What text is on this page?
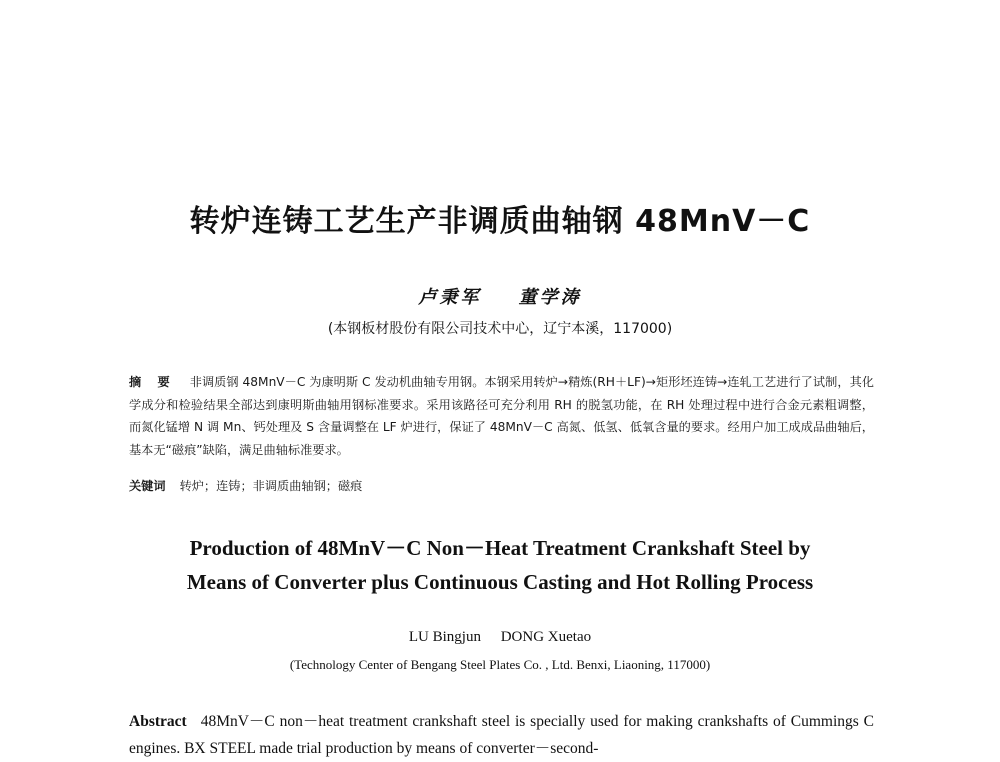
转炉连铸工艺生产非调质曲轴钢 48MnV－C
卢秉军 董学涛
(本钢板材股份有限公司技术中心，辽宁本溪，117000)
摘 要 非调质钢 48MnV－C 为康明斯 C 发动机曲轴专用钢。本钢采用转炉→精炼(RH＋LF)→矩形坯连铸→连轧工艺进行了试制，其化学成分和检验结果全部达到康明斯曲轴用钢标准要求。采用该路径可充分利用 RH 的脱氢功能，在 RH 处理过程中进行合金元素粗调整，而氮化锰增 N 调 Mn、钙处理及 S 含量调整在 LF 炉进行，保证了 48MnV－C 高氮、低氢、低氧含量的要求。经用户加工成成品曲轴后，基本无“磁痕”缺陷，满足曲轴标准要求。
关键词 转炉；连铸；非调质曲轴钢；磁痕
Production of 48MnV－C Non－Heat Treatment Crankshaft Steel by
Means of Converter plus Continuous Casting and Hot Rolling Process
LU Bingjun DONG Xuetao
(Technology Center of Bengang Steel Plates Co. , Ltd. Benxi, Liaoning, 117000)
Abstract 48MnV－C non－heat treatment crankshaft steel is specially used for making crankshafts of Cummings C engines. BX STEEL made trial production by means of converter－second-
